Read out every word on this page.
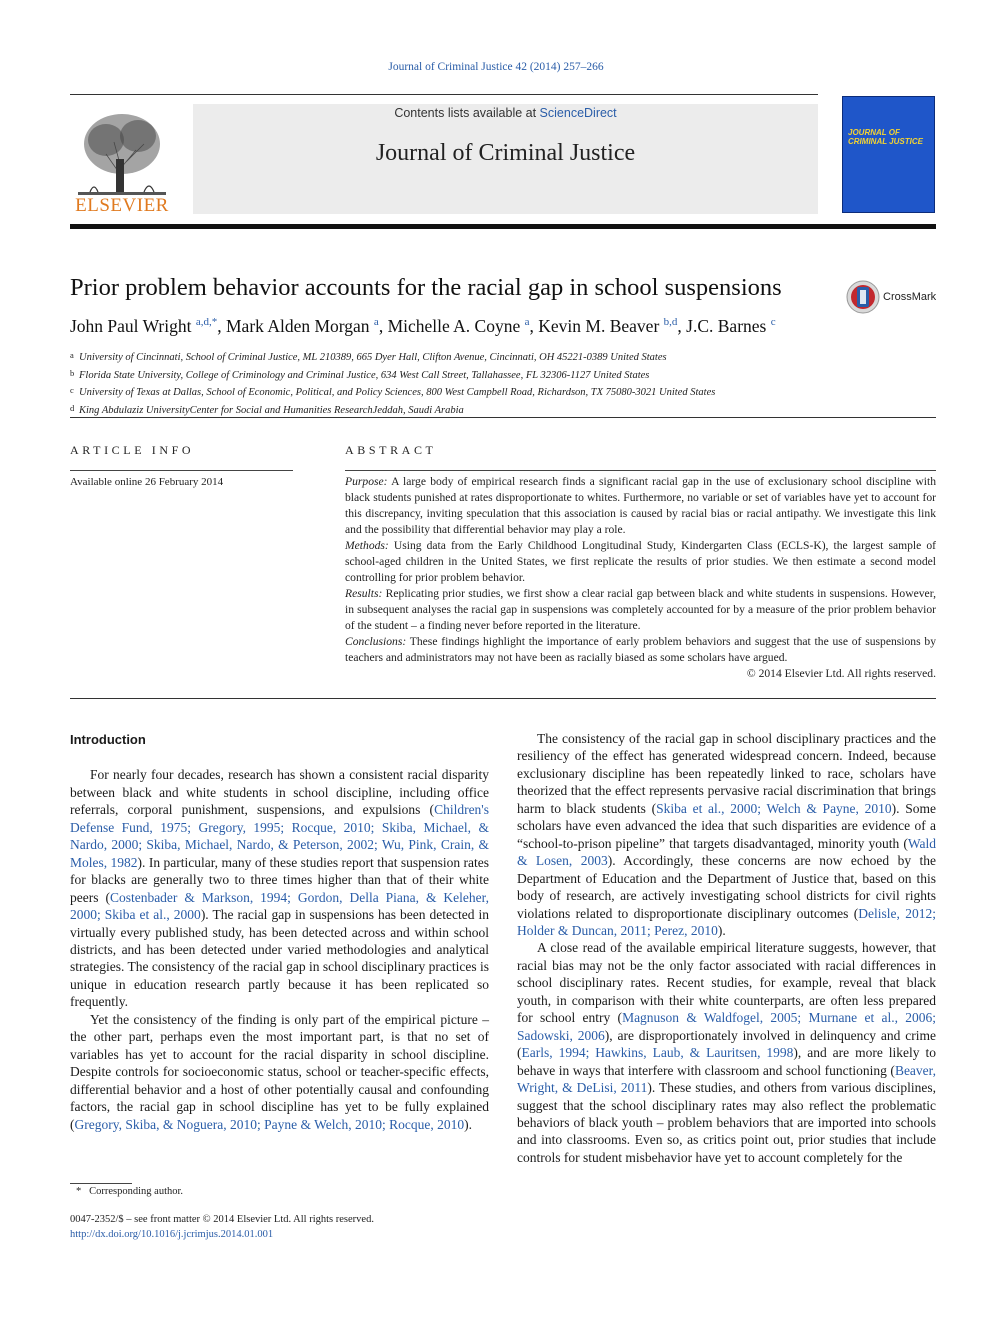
Journal of Criminal Justice 42 (2014) 257–266
ELSEVIER
Contents lists available at ScienceDirect
Journal of Criminal Justice
JOURNAL OF CRIMINAL JUSTICE
Prior problem behavior accounts for the racial gap in school suspensions	CrossMark
John Paul Wright $^{a,d,*}$, Mark Alden Morgan $^a$, Michelle A. Coyne $^a$, Kevin M. Beaver $^{b,d}$, J.C. Barnes $^c$
a University of Cincinnati, School of Criminal Justice, ML 210389, 665 Dyer Hall, Clifton Avenue, Cincinnati, OH 45221-0389 United States
b Florida State University, College of Criminology and Criminal Justice, 634 West Call Street, Tallahassee, FL 32306-1127 United States
c University of Texas at Dallas, School of Economic, Political, and Policy Sciences, 800 West Campbell Road, Richardson, TX 75080-3021 United States
d King Abdulaziz UniversityCenter for Social and Humanities ResearchJeddah, Saudi Arabia
ARTICLE INFO	ABSTRACT
Available online 26 February 2014	Purpose: A large body of empirical research finds a significant racial gap in the use of exclusionary school discipline with black students punished at rates disproportionate to whites. Furthermore, no variable or set of variables have yet to account for this discrepancy, inviting speculation that this association is caused by racial bias or racial antipathy. We investigate this link and the possibility that differential behavior may play a role.

Methods: Using data from the Early Childhood Longitudinal Study, Kindergarten Class (ECLS-K), the largest sample of school-aged children in the United States, we first replicate the results of prior studies. We then estimate a second model controlling for prior problem behavior.

Results: Replicating prior studies, we first show a clear racial gap between black and white students in suspensions. However, in subsequent analyses the racial gap in suspensions was completely accounted for by a measure of the prior problem behavior of the student – a finding never before reported in the literature.

Conclusions: These findings highlight the importance of early problem behaviors and suggest that the use of suspensions by teachers and administrators may not have been as racially biased as some scholars have argued.

© 2014 Elsevier Ltd. All rights reserved.

Introduction

For nearly four decades, research has shown a consistent racial disparity between black and white students in school discipline, including office referrals, corporal punishment, suspensions, and expulsions (Children's Defense Fund, 1975; Gregory, 1995; Rocque, 2010; Skiba, Michael, & Nardo, 2000; Skiba, Michael, Nardo, & Peterson, 2002; Wu, Pink, Crain, & Moles, 1982). In particular, many of these studies report that suspension rates for blacks are generally two to three times higher than that of their white peers (Costenbader & Markson, 1994; Gordon, Della Piana, & Keleher, 2000; Skiba et al., 2000). The racial gap in suspensions has been detected in virtually every published study, has been detected across and within school districts, and has been detected under varied methodologies and analytical strategies. The consistency of the racial gap in school disciplinary practices is unique in education research partly because it has been replicated so frequently.

Yet the consistency of the finding is only part of the empirical picture – the other part, perhaps even the most important part, is that no set of variables has yet to account for the racial disparity in school discipline. Despite controls for socioeconomic status, school or teacher-specific effects, differential behavior and a host of other potentially causal and confounding factors, the racial gap in school discipline has yet to be fully explained (Gregory, Skiba, & Noguera, 2010; Payne & Welch, 2010; Rocque, 2010).

The consistency of the racial gap in school disciplinary practices and the resiliency of the effect has generated widespread concern. Indeed, because exclusionary discipline has been repeatedly linked to race, scholars have theorized that the effect represents pervasive racial discrimination that brings harm to black students (Skiba et al., 2000; Welch & Payne, 2010). Some scholars have even advanced the idea that such disparities are evidence of a “school-to-prison pipeline” that targets disadvantaged, minority youth (Wald & Losen, 2003). Accordingly, these concerns are now echoed by the Department of Education and the Department of Justice that, based on this body of research, are actively investigating school districts for civil rights violations related to disproportionate disciplinary outcomes (Delisle, 2012; Holder & Duncan, 2011; Perez, 2010).

A close read of the available empirical literature suggests, however, that racial bias may not be the only factor associated with racial differences in school disciplinary rates. Recent studies, for example, reveal that black youth, in comparison with their white counterparts, are often less prepared for school entry (Magnuson & Waldfogel, 2005; Murnane et al., 2006; Sadowski, 2006), are disproportionately involved in delinquency and crime (Earls, 1994; Hawkins, Laub, & Lauritsen, 1998), and are more likely to behave in ways that interfere with classroom and school functioning (Beaver, Wright, & DeLisi, 2011). These studies, and others from various disciplines, suggest that the school disciplinary rates may also reflect the problematic behaviors of black youth – problem behaviors that are imported into schools and into classrooms. Even so, as critics point out, prior studies that include controls for student misbehavior have yet to account completely for the

* Corresponding author.
0047-2352/$ – see front matter © 2014 Elsevier Ltd. All rights reserved.
http://dx.doi.org/10.1016/j.jcrimjus.2014.01.001
